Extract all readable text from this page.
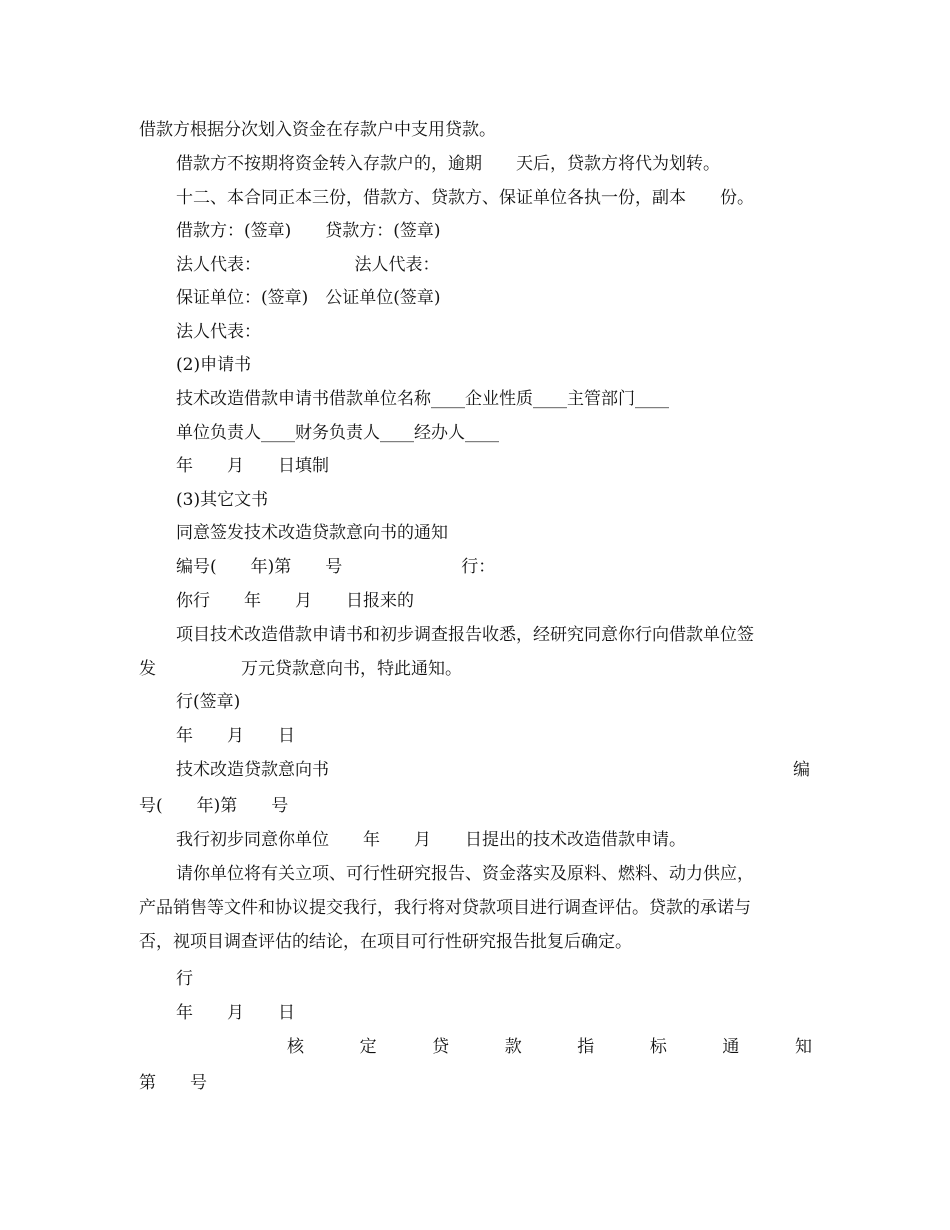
借款方根据分次划入资金在存款户中支用贷款。
借款方不按期将资金转入存款户的，逾期　　天后，贷款方将代为划转。
十二、本合同正本三份，借款方、贷款方、保证单位各执一份，副本　　份。
借款方：(签章)　　贷款方：(签章)
法人代表：　　　　　　法人代表：
保证单位：(签章)　公证单位(签章)
法人代表：
(2)申请书
技术改造借款申请书借款单位名称____企业性质____主管部门____
单位负责人____财务负责人____经办人____
年　　月　　日填制
(3)其它文书
同意签发技术改造贷款意向书的通知
编号(　　年)第　　号　　　　　　　行：
你行　　年　　月　　日报来的
项目技术改造借款申请书和初步调查报告收悉，经研究同意你行向借款单位签
发　　　　　万元贷款意向书，特此通知。
行(签章)
年　　月　　日
技术改造贷款意向书	编
号(　　年)第　　号
我行初步同意你单位　　年　　月　　日提出的技术改造借款申请。
请你单位将有关立项、可行性研究报告、资金落实及原料、燃料、动力供应，
产品销售等文件和协议提交我行，我行将对贷款项目进行调查评估。贷款的承诺与
否，视项目调查评估的结论，在项目可行性研究报告批复后确定。
行
年　　月　　日
核	定	贷	款	指	标	通	知
第　　号
